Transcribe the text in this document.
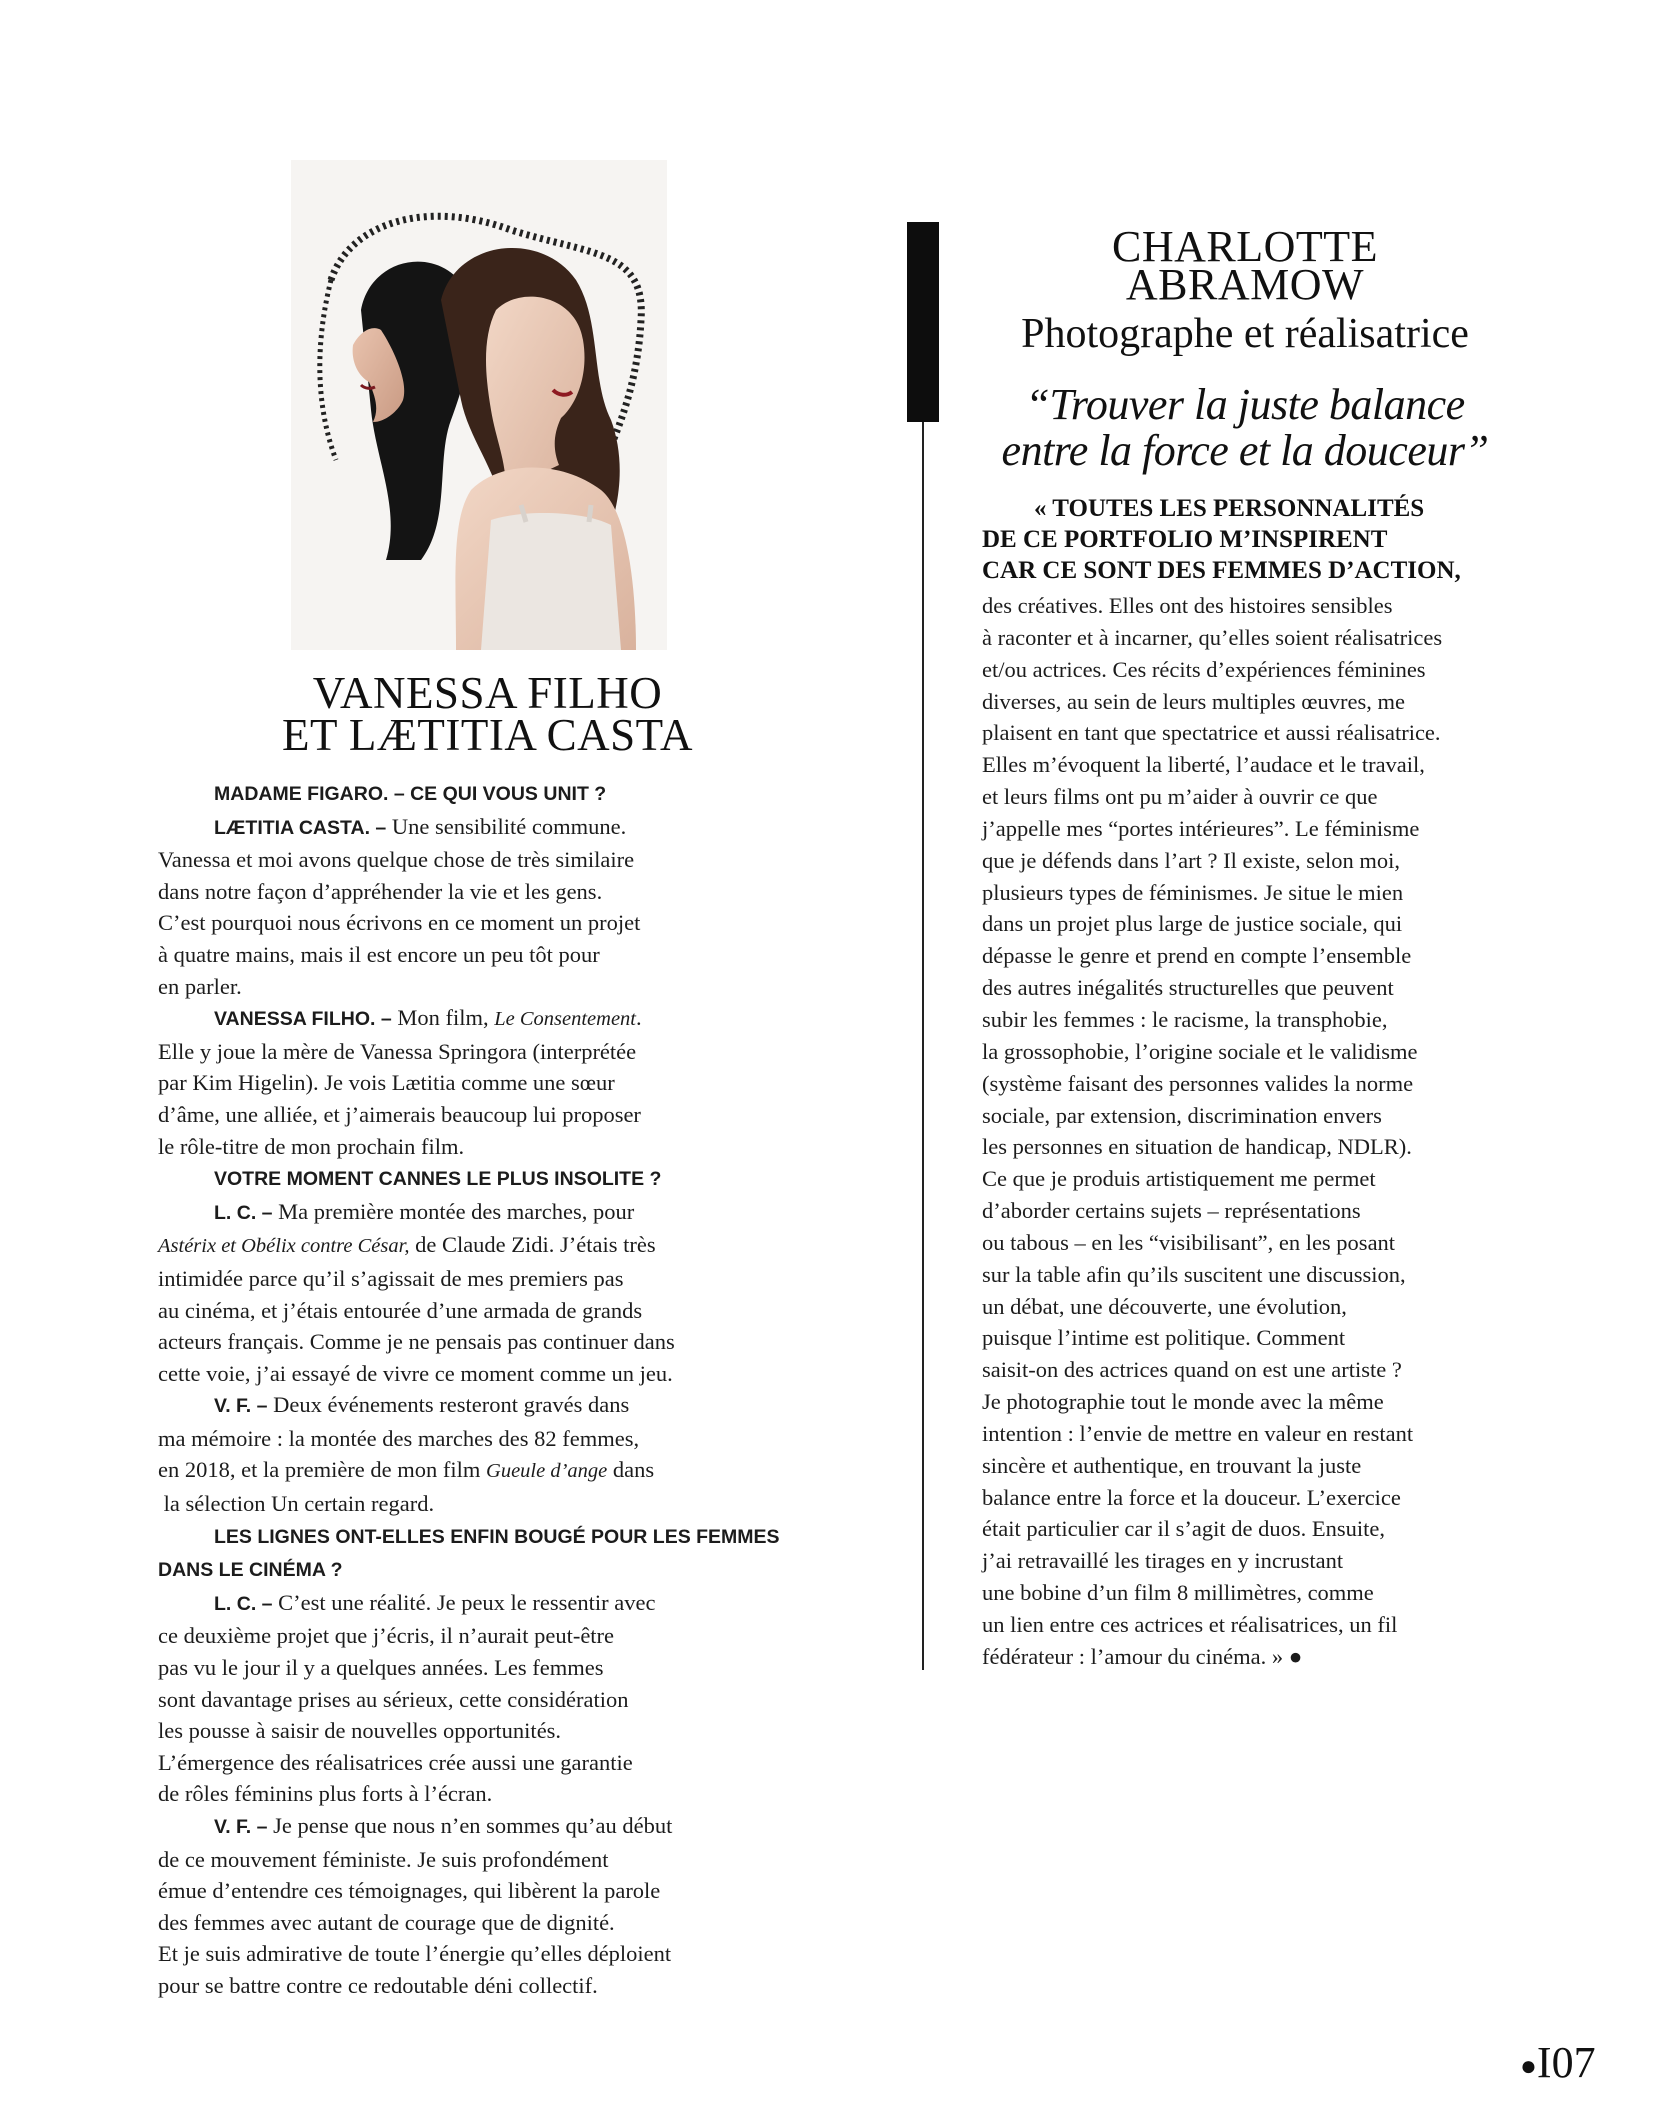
VANESSA FILHO
ET LÆTITIA CASTA

MADAME FIGARO. – CE QUI VOUS UNIT ?

LÆTITIA CASTA. – Une sensibilité commune.

Vanessa et moi avons quelque chose de très similaire
dans notre façon d’appréhender la vie et les gens.
C’est pourquoi nous écrivons en ce moment un projet
à quatre mains, mais il est encore un peu tôt pour
en parler.

VANESSA FILHO. – Mon film, Le Consentement.

Elle y joue la mère de Vanessa Springora (interprétée
par Kim Higelin). Je vois Lætitia comme une sœur
d’âme, une alliée, et j’aimerais beaucoup lui proposer
le rôle-titre de mon prochain film.

VOTRE MOMENT CANNES LE PLUS INSOLITE ?

L. C. – Ma première montée des marches, pour

Astérix et Obélix contre César, de Claude Zidi. J’étais très
intimidée parce qu’il s’agissait de mes premiers pas
au cinéma, et j’étais entourée d’une armada de grands
acteurs français. Comme je ne pensais pas continuer dans
cette voie, j’ai essayé de vivre ce moment comme un jeu.

V. F. – Deux événements resteront gravés dans

ma mémoire : la montée des marches des 82 femmes,
en 2018, et la première de mon film Gueule d’ange dans
la sélection Un certain regard.

LES LIGNES ONT-ELLES ENFIN BOUGÉ POUR LES FEMMES

DANS LE CINÉMA ?

L. C. – C’est une réalité. Je peux le ressentir avec

ce deuxième projet que j’écris, il n’aurait peut-être
pas vu le jour il y a quelques années. Les femmes
sont davantage prises au sérieux, cette considération
les pousse à saisir de nouvelles opportunités.
L’émergence des réalisatrices crée aussi une garantie
de rôles féminins plus forts à l’écran.

V. F. – Je pense que nous n’en sommes qu’au début

de ce mouvement féministe. Je suis profondément
émue d’entendre ces témoignages, qui libèrent la parole
des femmes avec autant de courage que de dignité.
Et je suis admirative de toute l’énergie qu’elles déploient
pour se battre contre ce redoutable déni collectif.
CHARLOTTE
ABRAMOW
Photographe et réalisatrice
“Trouver la juste balance
entre la force et la douceur”
« TOUTES LES PERSONNALITÉS
DE CE PORTFOLIO M’INSPIRENT
CAR CE SONT DES FEMMES D’ACTION,
des créatives. Elles ont des histoires sensibles
à raconter et à incarner, qu’elles soient réalisatrices
et/ou actrices. Ces récits d’expériences féminines
diverses, au sein de leurs multiples œuvres, me
plaisent en tant que spectatrice et aussi réalisatrice.
Elles m’évoquent la liberté, l’audace et le travail,
et leurs films ont pu m’aider à ouvrir ce que
j’appelle mes “portes intérieures”. Le féminisme
que je défends dans l’art ? Il existe, selon moi,
plusieurs types de féminismes. Je situe le mien
dans un projet plus large de justice sociale, qui
dépasse le genre et prend en compte l’ensemble
des autres inégalités structurelles que peuvent
subir les femmes : le racisme, la transphobie,
la grossophobie, l’origine sociale et le validisme
(système faisant des personnes valides la norme
sociale, par extension, discrimination envers
les personnes en situation de handicap, NDLR).
Ce que je produis artistiquement me permet
d’aborder certains sujets – représentations
ou tabous – en les “visibilisant”, en les posant
sur la table afin qu’ils suscitent une discussion,
un débat, une découverte, une évolution,
puisque l’intime est politique. Comment
saisit-on des actrices quand on est une artiste ?
Je photographie tout le monde avec la même
intention : l’envie de mettre en valeur en restant
sincère et authentique, en trouvant la juste
balance entre la force et la douceur. L’exercice
était particulier car il s’agit de duos. Ensuite,
j’ai retravaillé les tirages en y incrustant
une bobine d’un film 8 millimètres, comme
un lien entre ces actrices et réalisatrices, un fil
fédérateur : l’amour du cinéma. » ●
●I07
